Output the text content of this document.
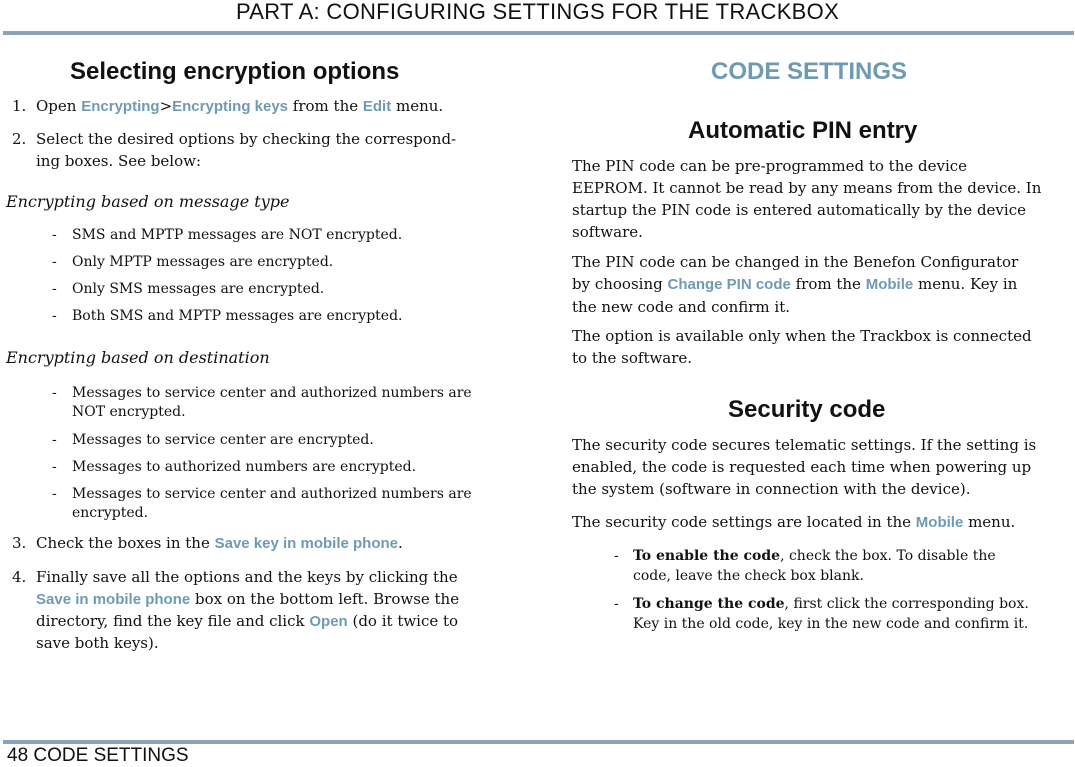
PART A: CONFIGURING SETTINGS FOR THE TRACKBOX
Selecting encryption options
1. Open Encrypting>Encrypting keys from the Edit menu.
2. Select the desired options by checking the correspond-
ing boxes. See below:
Encrypting based on message type
- SMS and MPTP messages are NOT encrypted.
- Only MPTP messages are encrypted.
- Only SMS messages are encrypted.
- Both SMS and MPTP messages are encrypted.
Encrypting based on destination
- Messages to service center and authorized numbers are
NOT encrypted.
- Messages to service center are encrypted.
- Messages to authorized numbers are encrypted.
- Messages to service center and authorized numbers are
encrypted.
3. Check the boxes in the Save key in mobile phone.
4. Finally save all the options and the keys by clicking the
Save in mobile phone box on the bottom left. Browse the
directory, find the key file and click Open (do it twice to
save both keys).
CODE SETTINGS
Automatic PIN entry
The PIN code can be pre-programmed to the device
EEPROM. It cannot be read by any means from the device. In
startup the PIN code is entered automatically by the device
software.
The PIN code can be changed in the Benefon Configurator
by choosing Change PIN code from the Mobile menu. Key in
the new code and confirm it.
The option is available only when the Trackbox is connected
to the software.
Security code
The security code secures telematic settings. If the setting is
enabled, the code is requested each time when powering up
the system (software in connection with the device).
The security code settings are located in the Mobile menu.
- To enable the code, check the box. To disable the
code, leave the check box blank.
- To change the code, first click the corresponding box.
Key in the old code, key in the new code and confirm it.
48 CODE SETTINGS
